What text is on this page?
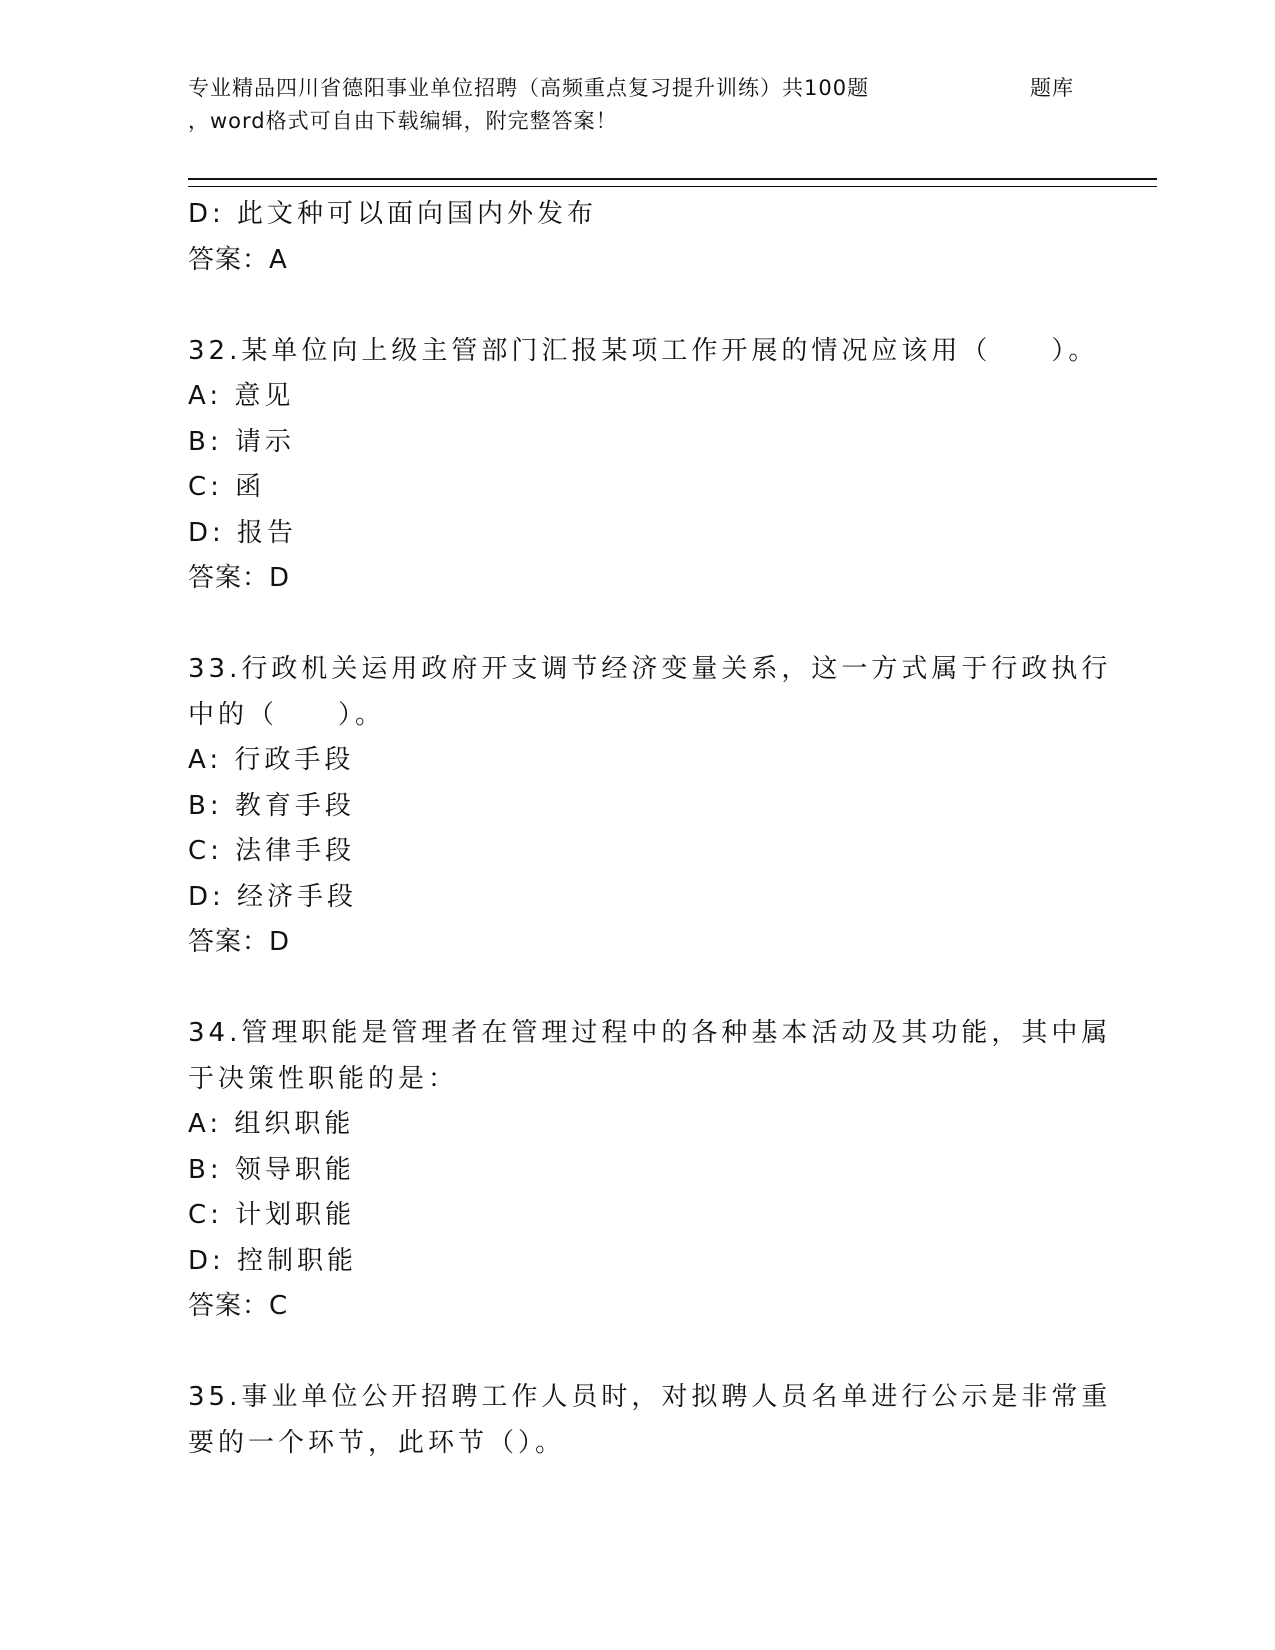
专业精品四川省德阳事业单位招聘（高频重点复习提升训练）共100题	题库
，word格式可自由下载编辑，附完整答案！
D: 此文种可以面向国内外发布
答案：A
32.某单位向上级主管部门汇报某项工作开展的情况应该用（　　）。
A: 意见
B: 请示
C: 函
D: 报告
答案：D
33.行政机关运用政府开支调节经济变量关系，这一方式属于行政执行
中的（　　）。
A: 行政手段
B: 教育手段
C: 法律手段
D: 经济手段
答案：D
34.管理职能是管理者在管理过程中的各种基本活动及其功能，其中属
于决策性职能的是：
A: 组织职能
B: 领导职能
C: 计划职能
D: 控制职能
答案：C
35.事业单位公开招聘工作人员时，对拟聘人员名单进行公示是非常重
要的一个环节，此环节（）。
